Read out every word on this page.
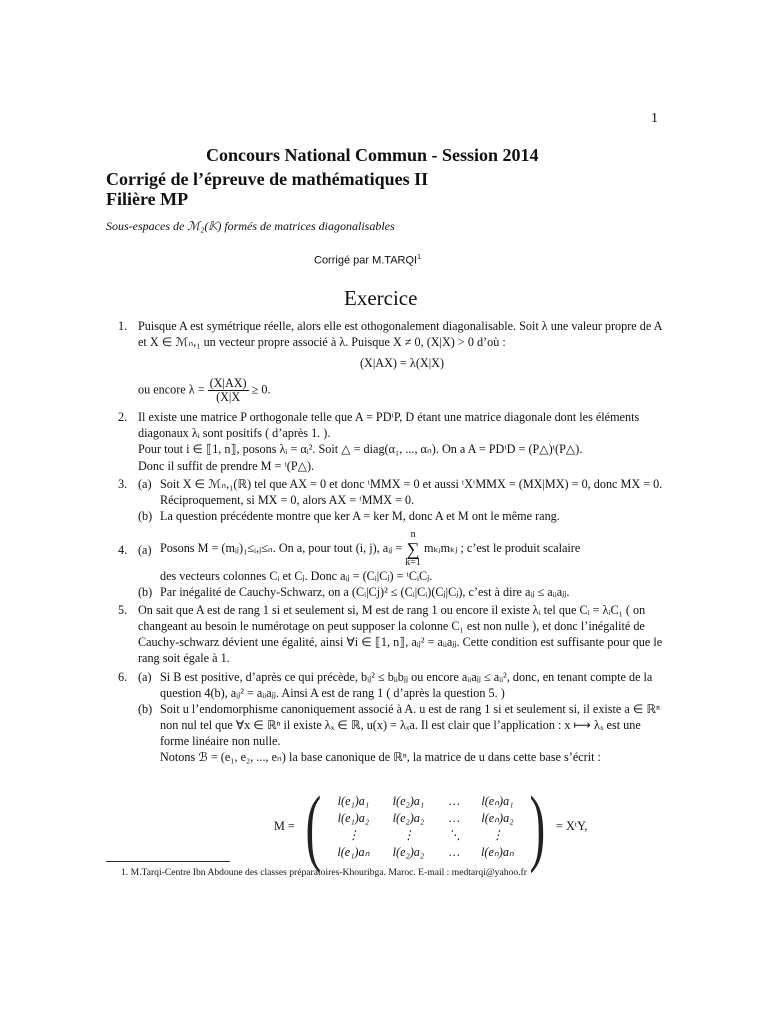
1
Concours National Commun - Session 2014
Corrigé de l’épreuve de mathématiques II
Filière MP
Sous-espaces de ℳ₂(𝕂) formés de matrices diagonalisables
Corrigé par M.TARQI$^1$
Exercice
1. Puisque A est symétrique réelle, alors elle est othogonalement diagonalisable. Soit λ une valeur propre de A et X ∈ ℳₙ,₁ un vecteur propre associé à λ. Puisque X ≠ 0, (X|X) > 0 d’où :

(X|AX) = λ(X|X)

ou encore $\lambda = \frac{(X|AX)}{(X|X} \ge 0$.

2. Il existe une matrice P orthogonale telle que A = PDᵗP, D étant une matrice diagonale dont les éléments diagonaux λᵢ sont positifs ( d’après 1. ).

Pour tout i ∈ ⟦1, n⟧, posons λᵢ = αᵢ². Soit △ = diag(α₁, ..., αₙ). On a A = PDᵗD = (P△)ᵗ(P△).

Donc il suffit de prendre M = ᵗ(P△).

3. (a) Soit X ∈ ℳₙ,₁(ℝ) tel que AX = 0 et donc ᵗMMX = 0 et aussi ᵗXᵗMMX = (MX|MX) = 0, donc MX = 0. Réciproquement, si MX = 0, alors AX = ᵗMMX = 0.

(b) La question précédente montre que ker A = ker M, donc A et M ont le même rang.

4. (a) Posons M = (mᵢⱼ)₁≤ᵢ,ⱼ≤ₙ. On a, pour tout (i, j), aᵢⱼ =
n
∑
k=1
mₖᵢmₖⱼ ; c’est le produit scalaire

des vecteurs colonnes Cᵢ et Cⱼ. Donc aᵢⱼ = (Cᵢ|Cⱼ) = ᵗCᵢCⱼ.

(b) Par inégalité de Cauchy-Schwarz, on a (Cᵢ|Cj)² ≤ (Cᵢ|Cᵢ)(Cⱼ|Cⱼ), c’est à dire aᵢⱼ ≤ aᵢᵢaⱼⱼ.

5. On sait que A est de rang 1 si et seulement si, M est de rang 1 ou encore il existe λᵢ tel que Cᵢ = λᵢC₁ ( on changeant au besoin le numérotage on peut supposer la colonne C₁ est non nulle ), et donc l’inégalité de Cauchy-schwarz dévient une égalité, ainsi ∀i ∈ ⟦1, n⟧, aᵢⱼ² = aᵢᵢaⱼⱼ. Cette condition est suffisante pour que le rang soit égale à 1.

6. (a) Si B est positive, d’après ce qui précède, bᵢⱼ² ≤ bᵢᵢbⱼⱼ ou encore aᵢᵢaⱼⱼ ≤ aᵢᵢ², donc, en tenant compte de la question 4(b), aᵢⱼ² = aᵢᵢaⱼⱼ. Ainsi A est de rang 1 ( d’après la question 5. )

(b) Soit u l’endomorphisme canoniquement associé à A. u est de rang 1 si et seulement si, il existe a ∈ ℝⁿ non nul tel que ∀x ∈ ℝⁿ il existe λₓ ∈ ℝ, u(x) = λₓa. Il est clair que l’application : x ⟼ λₓ est une forme linéaire non nulle.

Notons ℬ = (e₁, e₂, ..., eₙ) la base canonique de ℝⁿ, la matrice de u dans cette base s’écrit :

M = (	l(e₁)a₁	l(e₂)a₁	…	l(eₙ)a₁
l(e₁)a₂	l(e₂)a₂	…	l(eₙ)a₂
⋮	⋮	⋱	⋮
l(e₁)aₙ	l(e₂)a₂	…	l(eₙ)aₙ ) = XᵗY,
1. M.Tarqi-Centre Ibn Abdoune des classes préparatoires-Khouribga. Maroc. E-mail : medtarqi@yahoo.fr
